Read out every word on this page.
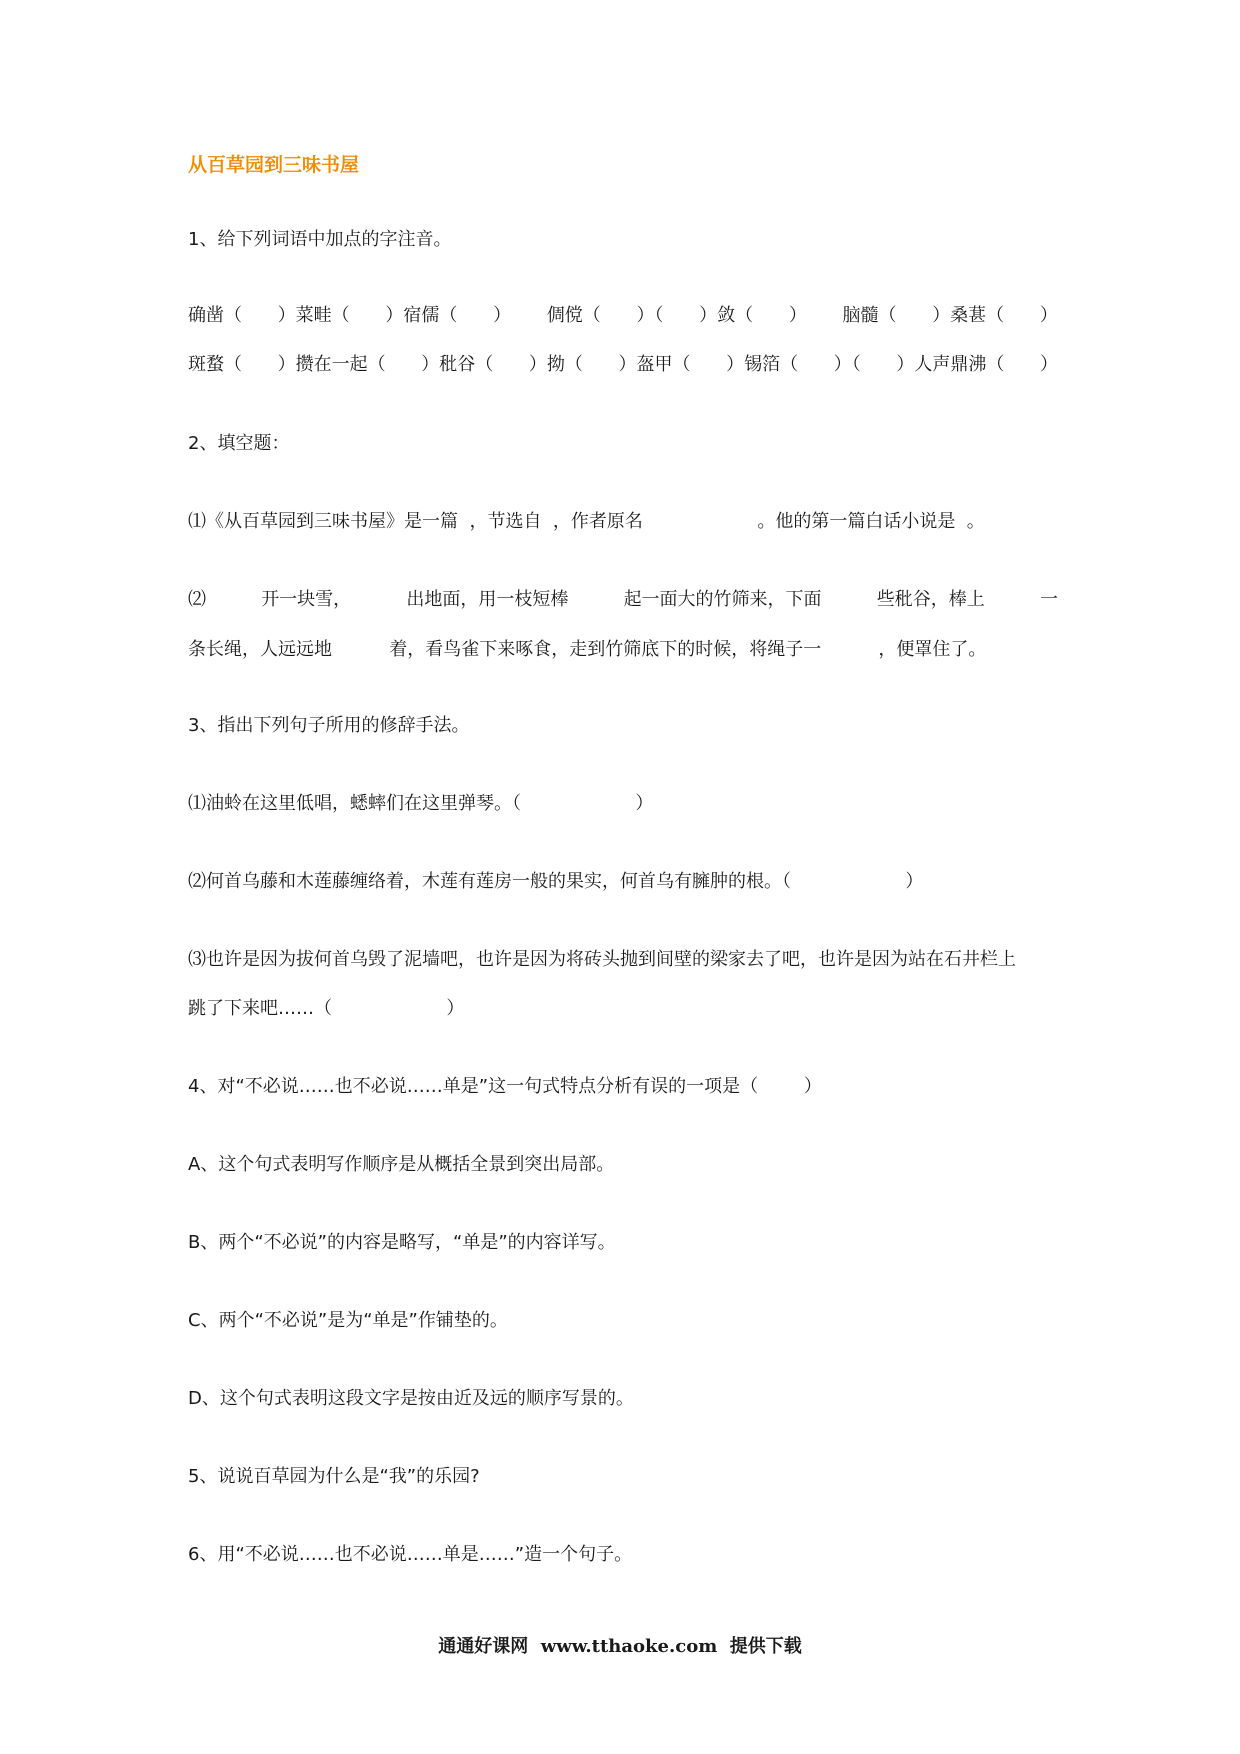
从百草园到三味书屋
1、给下列词语中加点的字注音。
确凿（ ）菜畦（ ）宿儒（ ） 倜傥（ ）（ ）敛（ ） 脑髓（ ）桑葚（ ）
斑蝥（ ）攒在一起（ ）秕谷（ ）拗（ ）盔甲（ ）锡箔（ ）（ ）人声鼎沸（ ）
2、填空题：
⑴《从百草园到三味书屋》是一篇  ，节选自  ，作者原名                    。他的第一篇白话小说是  。
⑵	开一块雪，	出地面，用一枝短棒	起一面大的竹筛来，下面	些秕谷，棒上	一
条长绳，人远远地          着，看鸟雀下来啄食，走到竹筛底下的时候，将绳子一          ，便罩住了。
3、指出下列句子所用的修辞手法。
⑴油蛉在这里低唱，蟋蟀们在这里弹琴。（                    ）
⑵何首乌藤和木莲藤缠络着，木莲有莲房一般的果实，何首乌有臃肿的根。（                    ）
⑶也许是因为拔何首乌毁了泥墙吧，也许是因为将砖头抛到间壁的梁家去了吧，也许是因为站在石井栏上
跳了下来吧……（                    ）
4、对“不必说……也不必说……单是”这一句式特点分析有误的一项是（        ）
A、这个句式表明写作顺序是从概括全景到突出局部。
B、两个“不必说”的内容是略写，“单是”的内容详写。
C、两个“不必说”是为“单是”作铺垫的。
D、这个句式表明这段文字是按由近及远的顺序写景的。
5、说说百草园为什么是“我”的乐园?
6、用“不必说……也不必说……单是……”造一个句子。
通通好课网  www.tthaoke.com  提供下载
